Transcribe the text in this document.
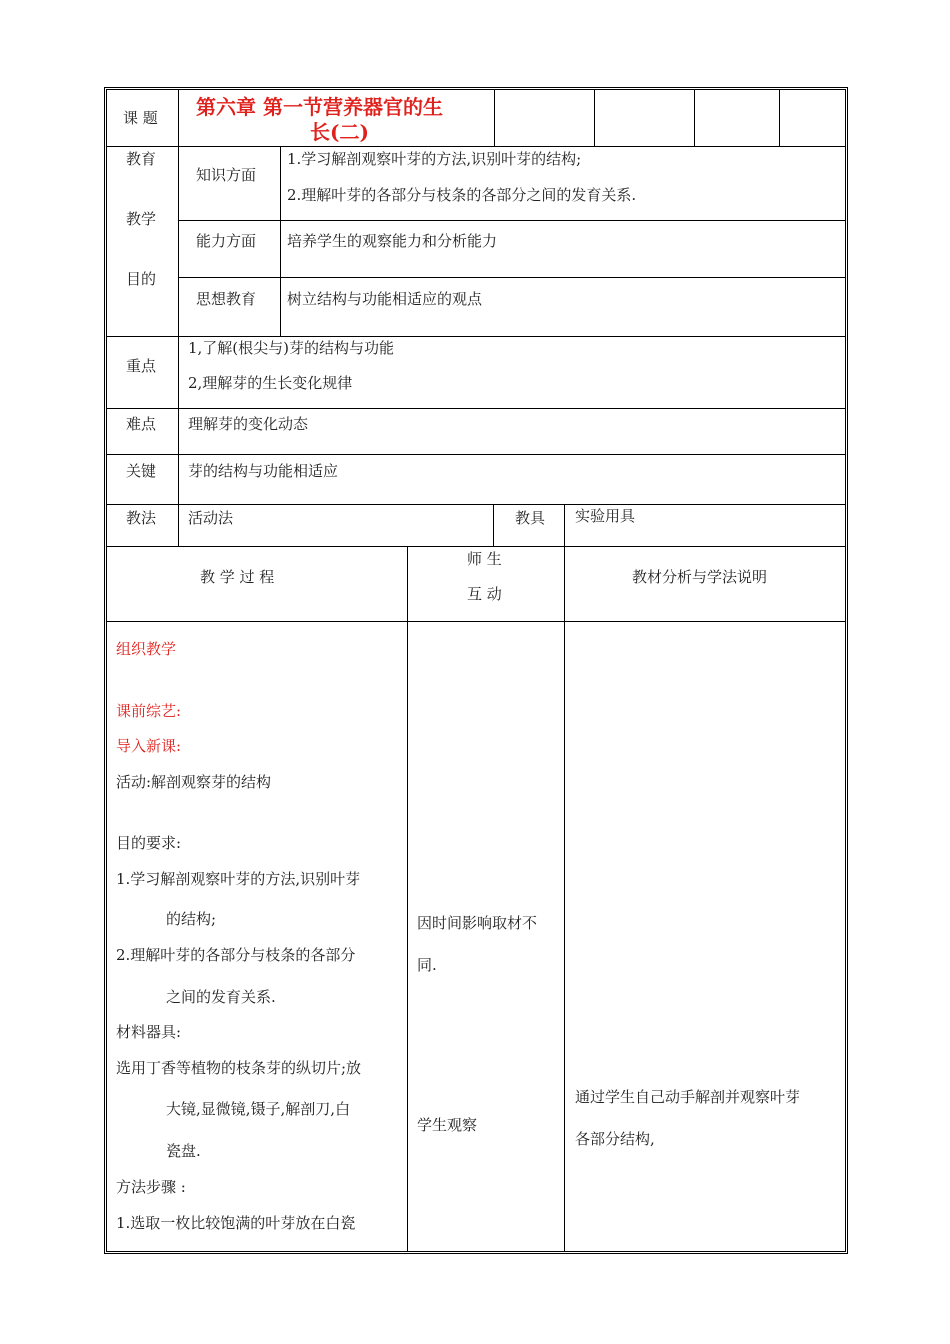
课 题 第六章 第一节营养器官的生
长(二)
教育
教学
目的
知识方面
1.学习解剖观察叶芽的方法,识别叶芽的结构;
2.理解叶芽的各部分与枝条的各部分之间的发育关系.
能力方面 培养学生的观察能力和分析能力
思想教育 树立结构与功能相适应的观点
重点
1,了解(根尖与)芽的结构与功能
2,理解芽的生长变化规律
难点 理解芽的变化动态
关键 芽的结构与功能相适应
教法 活动法	教具 实验用具
教 学 过 程
师 生
互 动
教材分析与学法说明
组织教学
课前综艺:
导入新课:
活动:解剖观察芽的结构
目的要求:
1.学习解剖观察叶芽的方法,识别叶芽
的结构;
2.理解叶芽的各部分与枝条的各部分
之间的发育关系.
材料器具:
选用丁香等植物的枝条芽的纵切片;放
大镜,显微镜,镊子,解剖刀,白
瓷盘.
方法步骤 :
1.选取一枚比较饱满的叶芽放在白瓷
因时间影响取材不
同.
学生观察
通过学生自己动手解剖并观察叶芽
各部分结构,
